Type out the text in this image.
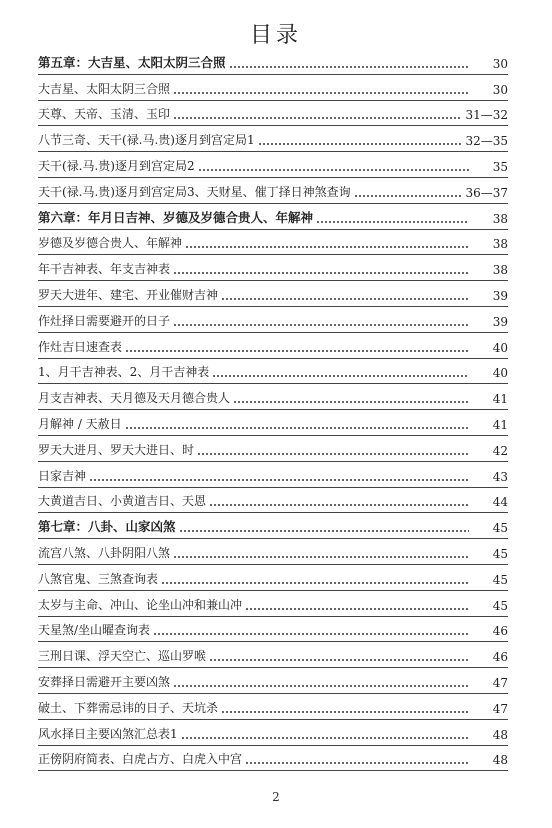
目录
第五章：大吉星、太阳太阴三合照	30
大吉星、太阳太阴三合照	30
天尊、天帝、玉清、玉印	31—32
八节三奇、天干(禄.马.贵)逐月到宫定局1	32—35
天干(禄.马.贵)逐月到宫定局2	35
天干(禄.马.贵)逐月到宫定局3、天财星、催丁择日神煞查询	36—37
第六章：年月日吉神、岁德及岁德合贵人、年解神	38
岁德及岁德合贵人、年解神	38
年干吉神表、年支吉神表	38
罗天大进年、建宅、开业催财吉神	39
作灶择日需要避开的日子	39
作灶吉日速查表	40
1、月干吉神表、2、月干吉神表	40
月支吉神表、天月德及天月德合贵人	41
月解神 / 天赦日	41
罗天大进月、罗天大进日、时	42
日家吉神	43
大黄道吉日、小黄道吉日、天恩	44
第七章：八卦、山家凶煞	45
流宫八煞、八卦阴阳八煞	45
八煞官鬼、三煞查询表	45
太岁与主命、冲山、论坐山冲和兼山冲	45
天星煞/坐山曜查询表	46
三刑日课、浮天空亡、巡山罗喉	46
安葬择日需避开主要凶煞	47
破土、下葬需忌讳的日子、天坑杀	47
风水择日主要凶煞汇总表1	48
正傍阴府简表、白虎占方、白虎入中宫	48
2
